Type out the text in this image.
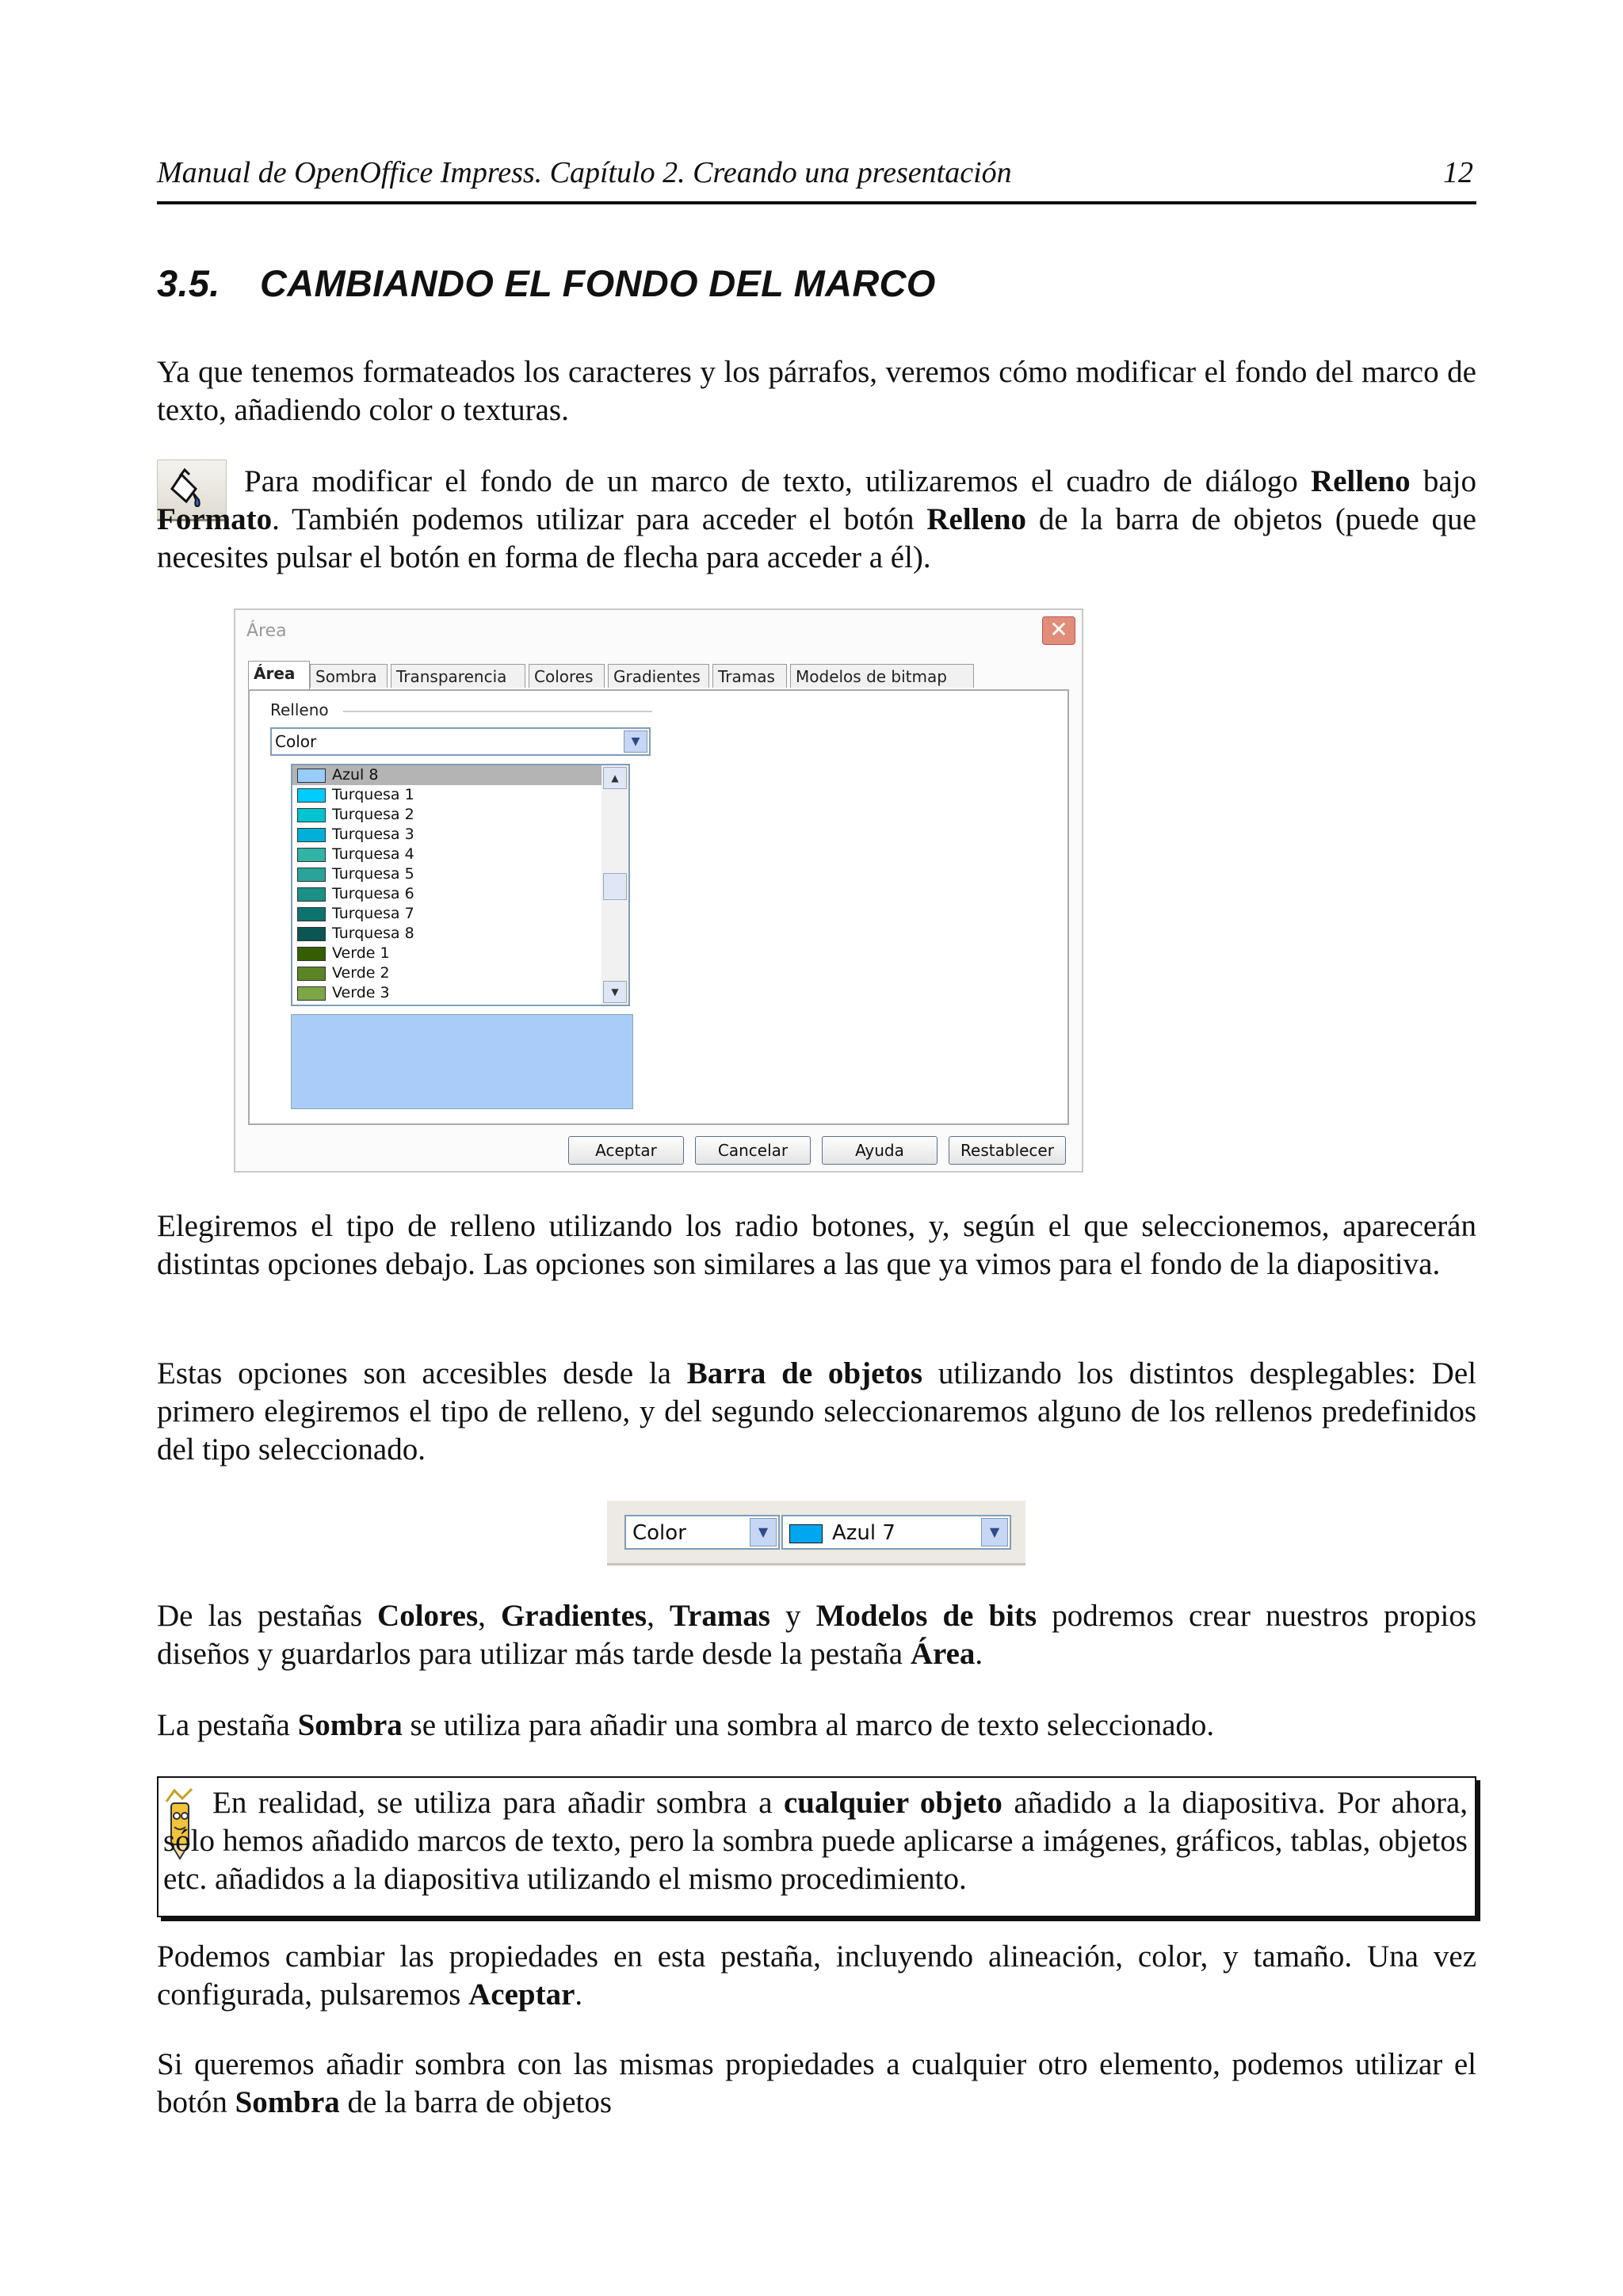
Manual de OpenOffice Impress. Capítulo 2. Creando una presentación	12
3.5. CAMBIANDO EL FONDO DEL MARCO

Ya que tenemos formateados los caracteres y los párrafos, veremos cómo modificar el fondo del marco de texto, añadiendo color o texturas.

Para modificar el fondo de un marco de texto, utilizaremos el cuadro de diálogo Relleno bajo Formato. También podemos utilizar para acceder el botón Relleno de la barra de objetos (puede que necesites pulsar el botón en forma de flecha para acceder a él).

Elegiremos el tipo de relleno utilizando los radio botones, y, según el que seleccionemos, aparecerán distintas opciones debajo. Las opciones son similares a las que ya vimos para el fondo de la diapositiva.

Estas opciones son accesibles desde la Barra de objetos utilizando los distintos desplegables: Del primero elegiremos el tipo de relleno, y del segundo seleccionaremos alguno de los rellenos predefinidos del tipo seleccionado.

De las pestañas Colores, Gradientes, Tramas y Modelos de bits podremos crear nuestros propios diseños y guardarlos para utilizar más tarde desde la pestaña Área.

La pestaña Sombra se utiliza para añadir una sombra al marco de texto seleccionado.

En realidad, se utiliza para añadir sombra a cualquier objeto añadido a la diapositiva. Por ahora, sólo hemos añadido marcos de texto, pero la sombra puede aplicarse a imágenes, gráficos, tablas, objetos etc. añadidos a la diapositiva utilizando el mismo procedimiento.

Podemos cambiar las propiedades en esta pestaña, incluyendo alineación, color, y tamaño. Una vez configurada, pulsaremos Aceptar.

Si queremos añadir sombra con las mismas propiedades a cualquier otro elemento, podemos utilizar el botón Sombra de la barra de objetos

Área	✕
Área	Sombra	Transparencia	Colores	Gradientes	Tramas	Modelos de bitmap
Relleno
Color	▼
Azul 8
Turquesa 1
Turquesa 2
Turquesa 3
Turquesa 4
Turquesa 5
Turquesa 6
Turquesa 7
Turquesa 8
Verde 1
Verde 2
Verde 3
▲
▼
Aceptar	Cancelar	Ayuda	Restablecer
Color	▼	Azul 7	▼
